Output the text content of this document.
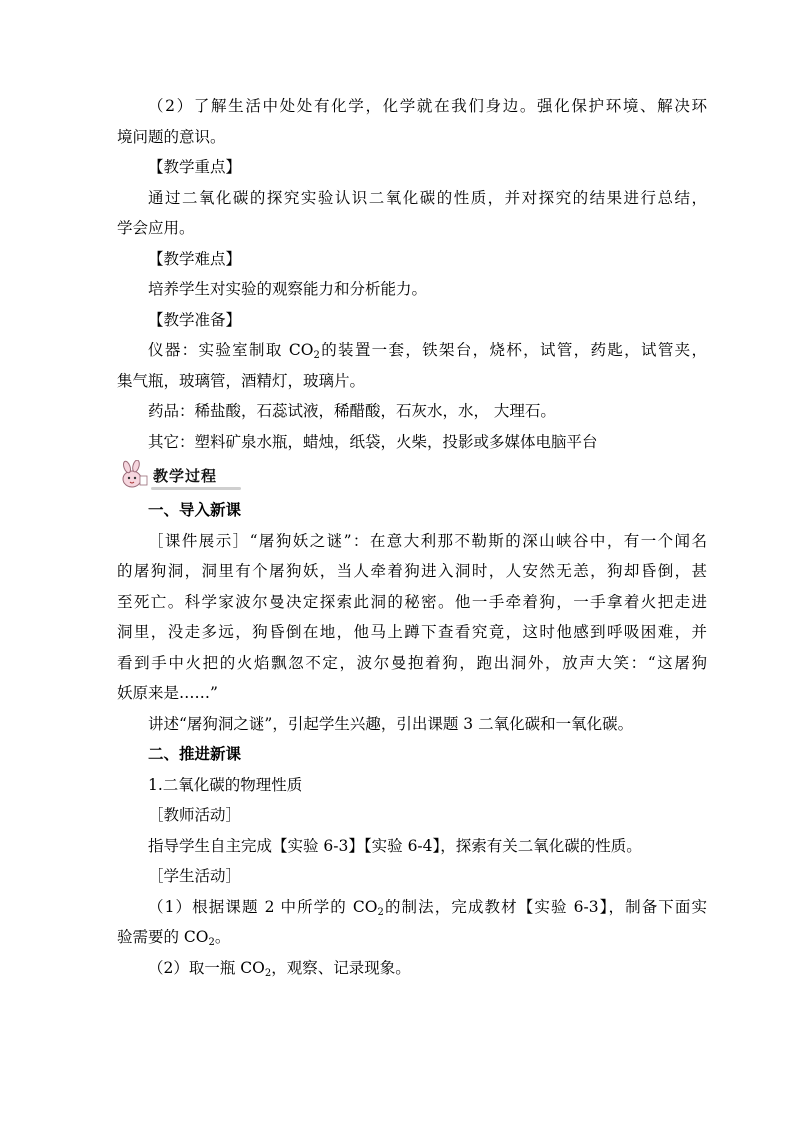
（2）了解生活中处处有化学，化学就在我们身边。强化保护环境、解决环
境问题的意识。
【教学重点】
通过二氧化碳的探究实验认识二氧化碳的性质，并对探究的结果进行总结，
学会应用。
【教学难点】
培养学生对实验的观察能力和分析能力。
【教学准备】
仪器：实验室制取 $CO_2$的装置一套，铁架台，烧杯，试管，药匙，试管夹，
集气瓶，玻璃管，酒精灯，玻璃片。
药品：稀盐酸，石蕊试液，稀醋酸，石灰水，水， 大理石。
其它：塑料矿泉水瓶，蜡烛，纸袋，火柴，投影或多媒体电脑平台
教学过程
一、导入新课
［课件展示］“屠狗妖之谜”：在意大利那不勒斯的深山峡谷中，有一个闻名
的屠狗洞，洞里有个屠狗妖，当人牵着狗进入洞时，人安然无恙，狗却昏倒，甚
至死亡。科学家波尔曼决定探索此洞的秘密。他一手牵着狗，一手拿着火把走进
洞里，没走多远，狗昏倒在地，他马上蹲下查看究竟，这时他感到呼吸困难，并
看到手中火把的火焰飘忽不定，波尔曼抱着狗，跑出洞外，放声大笑：“这屠狗
妖原来是……”
讲述“屠狗洞之谜”，引起学生兴趣，引出课题 3 二氧化碳和一氧化碳。
二、推进新课
1.二氧化碳的物理性质
［教师活动］
指导学生自主完成【实验 6-3】【实验 6-4】，探索有关二氧化碳的性质。
［学生活动］
（1）根据课题 2 中所学的 $CO_2$的制法，完成教材【实验 6-3】，制备下面实
验需要的 $CO_2$。
（2）取一瓶 $CO_2$，观察、记录现象。
